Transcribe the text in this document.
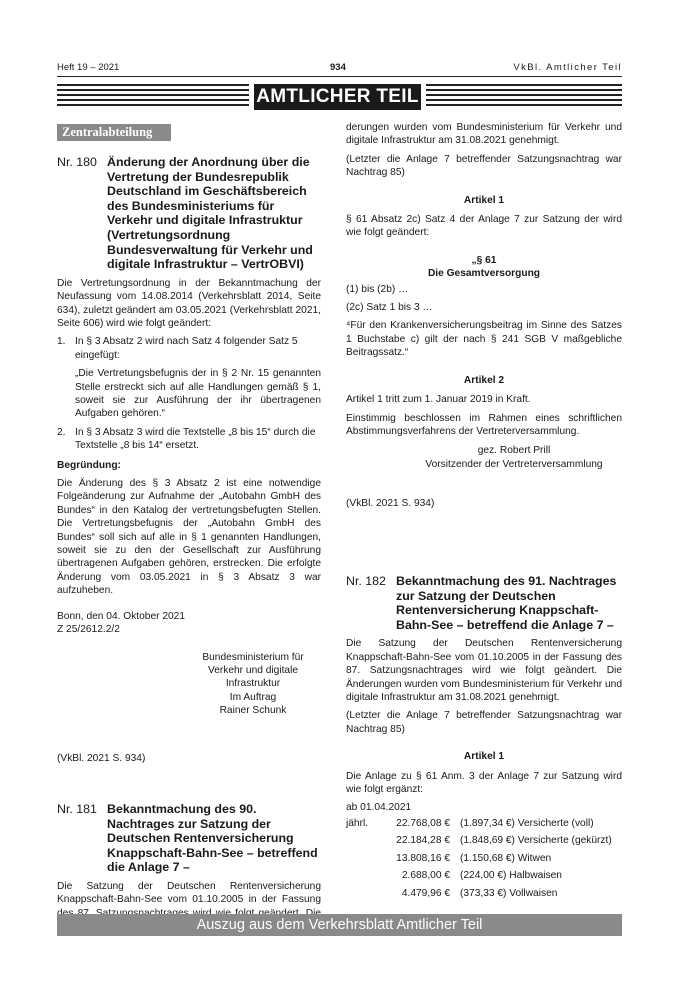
Heft 19 – 2021	934	VkBl. Amtlicher Teil
AMTLICHER TEIL
Zentralabteilung
Nr. 180 Änderung der Anordnung über die Vertretung der Bundesrepublik Deutschland im Geschäftsbereich des Bundesministeriums für Verkehr und digitale Infrastruktur (Vertretungsordnung Bundesverwaltung für Verkehr und digitale Infrastruktur – VertrOBVI)

Die Vertretungsordnung in der Bekanntmachung der Neufassung vom 14.08.2014 (Verkehrsblatt 2014, Seite 634), zuletzt geändert am 03.05.2021 (Verkehrsblatt 2021, Seite 606) wird wie folgt geändert:

1. In § 3 Absatz 2 wird nach Satz 4 folgender Satz 5 eingefügt:

„Die Vertretungsbefugnis der in § 2 Nr. 15 genannten Stelle erstreckt sich auf alle Handlungen gemäß § 1, soweit sie zur Ausführung der ihr übertragenen Aufgaben gehören.“

2. In § 3 Absatz 3 wird die Textstelle „8 bis 15“ durch die Textstelle „8 bis 14“ ersetzt.

Begründung:

Die Änderung des § 3 Absatz 2 ist eine notwendige Folgeänderung zur Aufnahme der „Autobahn GmbH des Bundes“ in den Katalog der vertretungsbefugten Stellen. Die Vertretungsbefugnis der „Autobahn GmbH des Bundes“ soll sich auf alle in § 1 genannten Handlungen, soweit sie zu den der Gesellschaft zur Ausführung übertragenen Aufgaben gehören, erstrecken. Die erfolgte Änderung vom 03.05.2021 in § 3 Absatz 3 war aufzuheben.

Bonn, den 04. Oktober 2021
Z 25/2612.2/2
Bundesministerium für
Verkehr und digitale Infrastruktur
Im Auftrag
Rainer Schunk
(VkBl. 2021 S. 934)
Nr. 181 Bekanntmachung des 90. Nachtrages zur Satzung der Deutschen Rentenversicherung Knappschaft-Bahn-See – betreffend die Anlage 7 –

Die Satzung der Deutschen Rentenversicherung Knappschaft-Bahn-See vom 01.10.2005 in der Fassung

derungen wurden vom Bundesministerium für Verkehr und digitale Infrastruktur am 31.08.2021 genehmigt.

(Letzter die Anlage 7 betreffender Satzungsnachtrag war Nachtrag 85)

Artikel 1

§ 61 Absatz 2c) Satz 4 der Anlage 7 zur Satzung der wird wie folgt geändert:

„§ 61
Die Gesamtversorgung

(1) bis (2b) …

(2c) Satz 1 bis 3 …

⁴Für den Krankenversicherungsbeitrag im Sinne des Satzes 1 Buchstabe c) gilt der nach § 241 SGB V maßgebliche Beitragssatz.“

Artikel 2

Artikel 1 tritt zum 1. Januar 2019 in Kraft.

Einstimmig beschlossen im Rahmen eines schriftlichen Abstimmungsverfahrens der Vertreterversammlung.

gez. Robert Prill
Vorsitzender der Vertreterversammlung
(VkBl. 2021 S. 934)
Nr. 182 Bekanntmachung des 91. Nachtrages zur Satzung der Deutschen Rentenversicherung Knappschaft-Bahn-See – betreffend die Anlage 7 –

Die Satzung der Deutschen Rentenversicherung Knappschaft-Bahn-See vom 01.10.2005 in der Fassung des 87. Satzungsnachtrages wird wie folgt geändert. Die Änderungen wurden vom Bundesministerium für Verkehr und digitale Infrastruktur am 31.08.2021 genehmigt.

(Letzter die Anlage 7 betreffender Satzungsnachtrag war Nachtrag 85)

Artikel 1

Die Anlage zu § 61 Anm. 3 der Anlage 7 zur Satzung wird wie folgt ergänzt:

ab 01.04.2021
jährl.	22.768,08 € (1.897,34 €) Versicherte (voll)
22.184,28 € (1.848,69 €) Versicherte (gekürzt)
13.808,16 € (1.150,68 €) Witwen
2.688,00 € (224,00 €) Halbwaisen
4.479,96 € (373,33 €) Vollwaisen
Auszug aus dem Verkehrsblatt Amtlicher Teil
